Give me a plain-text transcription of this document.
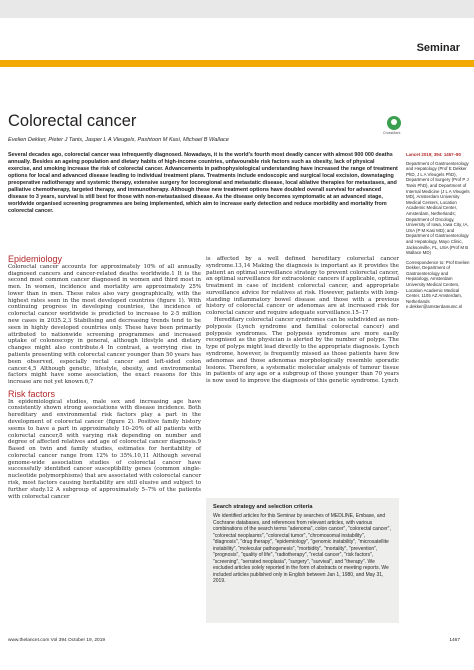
Seminar
Colorectal cancer
Evelien Dekker, Pieter J Tanis, Jasper L A Vleugels, Pashtoon M Kasi, Michael B Wallace
CrossMark

Several decades ago, colorectal cancer was infrequently diagnosed. Nowadays, it is the world's fourth most deadly cancer with almost 900 000 deaths annually. Besides an ageing population and dietary habits of high-income countries, unfavourable risk factors such as obesity, lack of physical exercise, and smoking increase the risk of colorectal cancer. Advancements in pathophysiological understanding have increased the range of treatment options for local and advanced disease leading to individual treatment plans. Treatments include endoscopic and surgical local excision, downstaging preoperative radiotherapy and systemic therapy, extensive surgery for locoregional and metastatic disease, local ablative therapies for metastases, and palliative chemotherapy, targeted therapy, and immunotherapy. Although these new treatment options have doubled overall survival for advanced disease to 3 years, survival is still best for those with non-metastasised disease. As the disease only becomes symptomatic at an advanced stage, worldwide organised screening programmes are being implemented, which aim to increase early detection and reduce morbidity and mortality from colorectal cancer.

Lancet 2019; 394: 1467–80

Department of Gastroenterology and Hepatology (Prof E Dekker PhD, J L A Vleugels PhD), Department of Surgery (Prof P J Tanis PhD), and Department of Internal Medicine (J L A Vleugels MD), Amsterdam University Medical Centers, Location Academic Medical Center, Amsterdam, Netherlands; Department of Oncology, University of Iowa, Iowa City, IA, USA (P M Kasi MD); and Department of Gastroenterology and Hepatology, Mayo Clinic, Jacksonville, FL, USA (Prof M B Wallace MD)

Correspondence to: Prof Evelien Dekker, Department of Gastroenterology and Hepatology, Amsterdam University Medical Centers, Location Academic Medical Center, 1105 AZ Amsterdam, Netherlands e.dekker@amsterdamumc.nl

Epidemiology

Colorectal cancer accounts for approximately 10% of all annually diagnosed cancers and cancer-related deaths worldwide.1 It is the second most common cancer diagnosed in women and third most in men. In women, incidence and mortality are approximately 25% lower than in men. These rates also vary geographically, with the highest rates seen in the most developed countries (figure 1). With continuing progress in developing countries, the incidence of colorectal cancer worldwide is predicted to increase to 2·5 million new cases in 2035.2,3 Stabilising and decreasing trends tend to be seen in highly developed countries only. These have been primarily attributed to nationwide screening programmes and increased uptake of colonoscopy in general, although lifestyle and dietary changes might also contribute.4 In contrast, a worrying rise in patients presenting with colorectal cancer younger than 50 years has been observed, especially rectal cancer and left-sided colon cancer.4,5 Although genetic, lifestyle, obesity, and environmental factors might have some association, the exact reasons for this increase are not yet known.6,7

Risk factors

In epidemiological studies, male sex and increasing age have consistently shown strong associations with disease incidence. Both hereditary and environmental risk factors play a part in the development of colorectal cancer (figure 2). Positive family history seems to have a part in approximately 10–20% of all patients with colorectal cancer,8 with varying risk depending on number and degree of affected relatives and age of colorectal cancer diagnosis.9 Based on twin and family studies, estimates for heritability of colorectal cancer range from 12% to 35%.10,11 Although several genome-wide association studies of colorectal cancer have successfully identified cancer susceptibility genes (common single-nucleotide polymorphisms) that are associated with colorectal cancer risk, most factors causing heritability are still elusive and subject to further study.12 A subgroup of approximately 5–7% of the patients with colorectal cancer

is affected by a well defined hereditary colorectal cancer syndrome.13,14 Making the diagnosis is important as it provides the patient an optimal surveillance strategy to prevent colorectal cancer, an optimal surveillance for extracolonic cancers if applicable, optimal treatment in case of incident colorectal cancer, and appropriate surveillance advice for relatives at risk. However, patients with long-standing inflammatory bowel disease and those with a previous history of colorectal cancer or adenomas are at increased risk for colorectal cancer and require adequate surveillance.15–17

Hereditary colorectal cancer syndromes can be subdivided as non-polyposis (Lynch syndrome and familial colorectal cancer) and polyposis syndromes. The polyposis syndromes are more easily recognised as the physician is alerted by the number of polyps. The type of polyps might lead directly to the appropriate diagnosis. Lynch syndrome, however, is frequently missed as those patients have few adenomas and those adenomas morphologically resemble sporadic lesions. Therefore, a systematic molecular analysis of tumour tissue in patients of any age or a subgroup of those younger than 70 years is now used to improve the diagnosis of this genetic syndrome. Lynch

Search strategy and selection criteria

We identified articles for this Seminar by searches of MEDLINE, Embase, and Cochrane databases, and references from relevant articles, with various combinations of the search terms "adenoma", colon cancer", "colorectal cancer", "colorectal neoplasms", "colorectal tumor", "chromosomal instability", "diagnosis", "drug therapy", "epidemiology", "genomic instability", "microsatellite instability", "molecular pathogenesis", "morbidity", "mortality", "prevention", "prognosis", "quality of life", "radiotherapy", "rectal cancer", "risk factors", "screening", "serrated neoplasia", "surgery", "survival", and "therapy". We excluded articles solely reported in the form of abstracts or meeting reports. We included articles published only in English between Jan 1, 1980, and May 31, 2019.

www.thelancet.com Vol 394 October 19, 2019	1467
